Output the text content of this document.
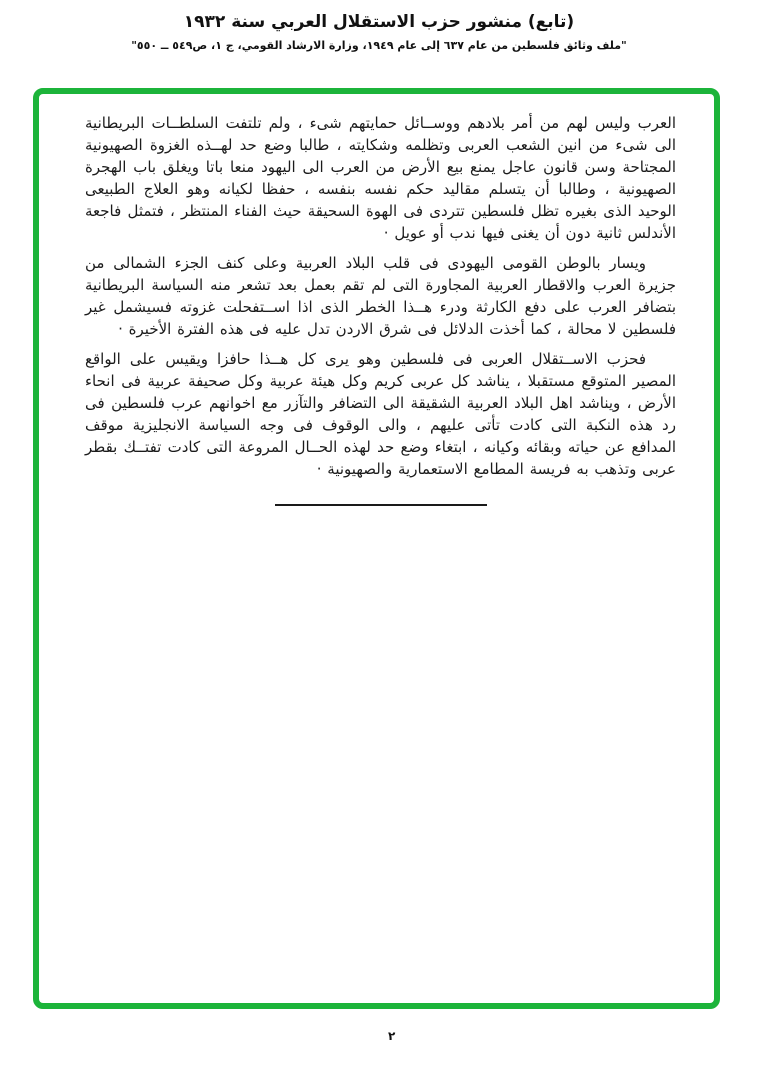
(تابع) منشور حزب الاستقلال العربي سنة ١٩٣٢
"ملف وثائق فلسطين من عام ٦٣٧ إلى عام ١٩٤٩، وزارة الارشاد القومي، ج ١، ص٥٤٩ ــ ٥٥٠"

العرب وليس لهم من أمر بلادهم ووســائل حمايتهم شىء ، ولم تلتفت السلطــات البريطانية الى شىء من انين الشعب العربى وتظلمه وشكايته ، طالبا وضع حد لهــذه الغزوة الصهيونية المجتاحة وسن قانون عاجل يمنع بيع الأرض من العرب الى اليهود منعا باتا ويغلق باب الهجرة الصهيونية ، وطالبا أن يتسلم مقاليد حكم نفسه بنفسه ، حفظا لكيانه وهو العلاج الطبيعى الوحيد الذى بغيره تظل فلسطين تتردى فى الهوة السحيقة حيث الفناء المنتظر ، فتمثل فاجعة الأندلس ثانية دون أن يغنى فيها ندب أو عويل ·

ويسار بالوطن القومى اليهودى فى قلب البلاد العربية وعلى كنف الجزء الشمالى من جزيرة العرب والاقطار العربية المجاورة التى لم تقم بعمل بعد تشعر منه السياسة البريطانية بتضافر العرب على دفع الكارثة ودرء هــذا الخطر الذى اذا اســتفحلت غزوته فسيشمل غير فلسطين لا محالة ، كما أخذت الدلائل فى شرق الاردن تدل عليه فى هذه الفترة الأخيرة ·

فحزب الاســتقلال العربى فى فلسطين وهو يرى كل هــذا حافزا ويقيس على الواقع المصير المتوقع مستقبلا ، يناشد كل عربى كريم وكل هيئة عربية وكل صحيفة عربية فى انحاء الأرض ، ويناشد اهل البلاد العربية الشقيقة الى التضافر والتآزر مع اخوانهم عرب فلسطين فى رد هذه النكبة التى كادت تأتى عليهم ، والى الوقوف فى وجه السياسة الانجليزية موقف المدافع عن حياته وبقائه وكيانه ، ابتغاء وضع حد لهذه الحــال المروعة التى كادت تفتــك بقطر عربى وتذهب به فريسة المطامع الاستعمارية والصهيونية ·

٢
